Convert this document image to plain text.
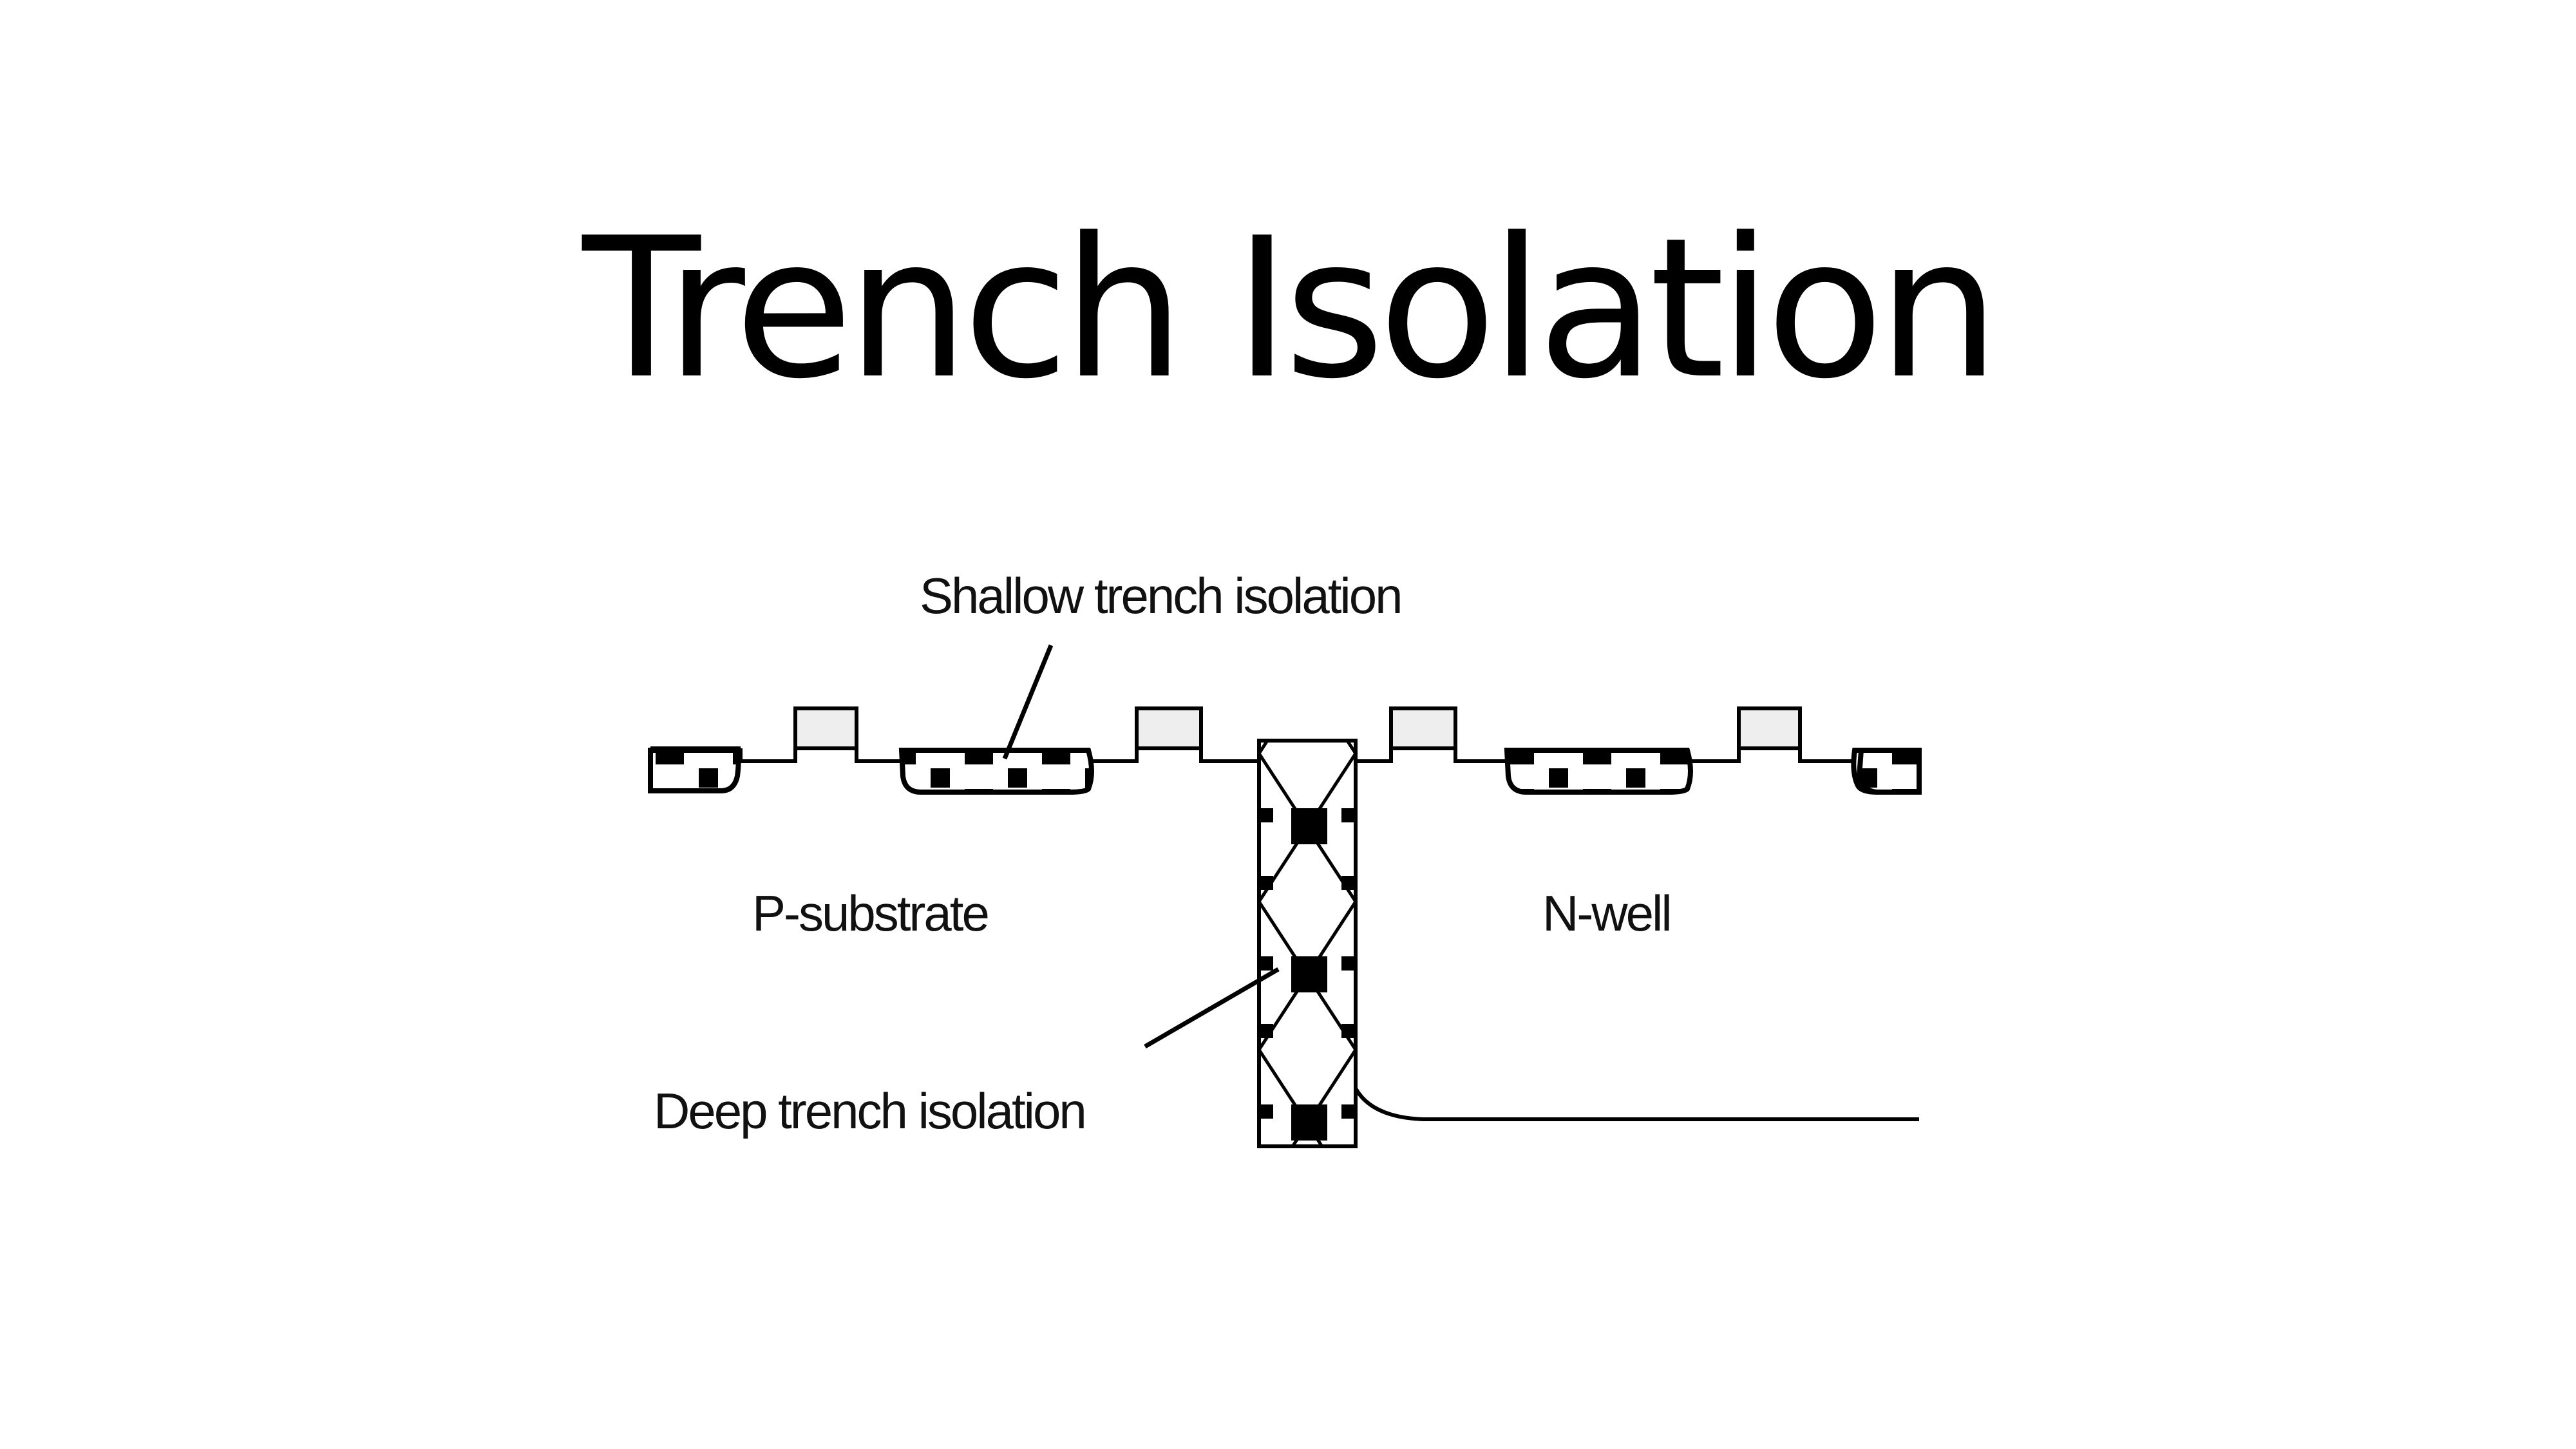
Trench Isolation
Shallow trench isolation
P-substrate	N-well
Deep trench isolation
